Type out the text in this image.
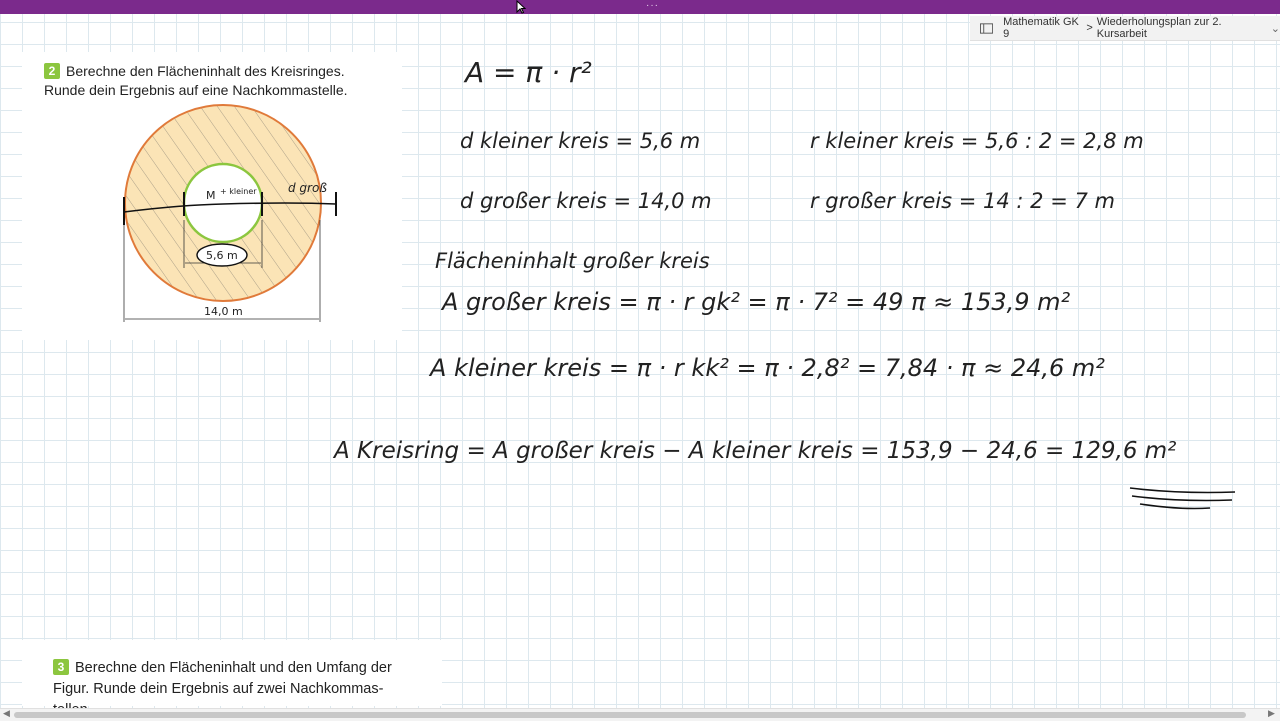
···
Mathematik GK 9	> Wiederholungsplan zur 2. Kursarbeit	⌄
2 Berechne den Flächeninhalt des Kreisringes.
Runde dein Ergebnis auf eine Nachkommastelle.
M + kleiner	d groß
5,6 m
14,0 m
A = π · r²
d kleiner kreis = 5,6 m	r kleiner kreis = 5,6 : 2 = 2,8 m
d großer kreis = 14,0 m	r großer kreis = 14 : 2 = 7 m
Flächeninhalt großer kreis
A großer kreis = π · r gk² = π · 7² = 49 π ≈ 153,9 m²
A kleiner kreis = π · r kk² = π · 2,8² = 7,84 · π ≈ 24,6 m²
A Kreisring = A großer kreis − A kleiner kreis = 153,9 − 24,6 = 129,6 m²
3 Berechne den Flächeninhalt und den Umfang der
Figur. Runde dein Ergebnis auf zwei Nachkommas-
◀	▶
